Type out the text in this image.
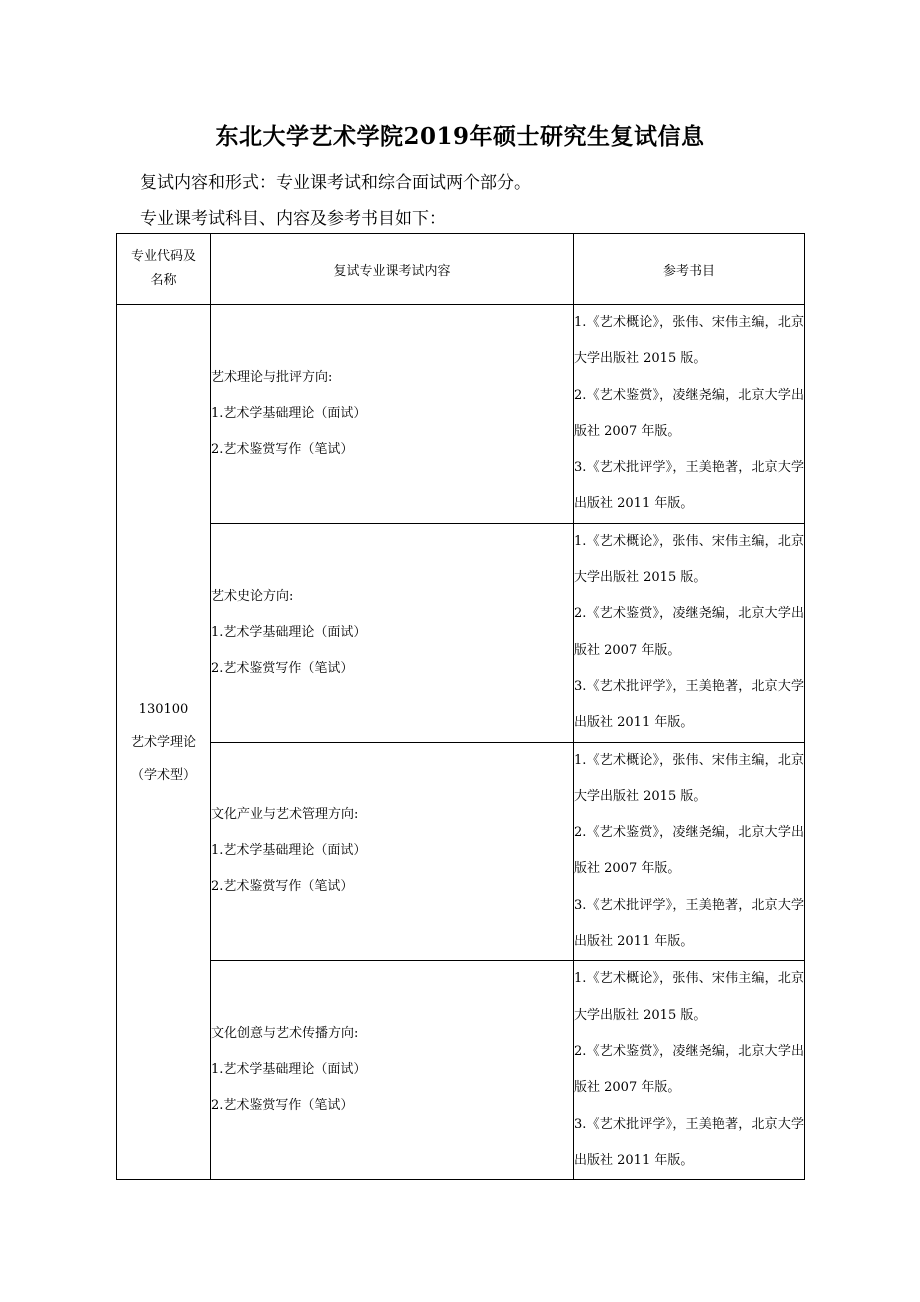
东北大学艺术学院2019年硕士研究生复试信息
复试内容和形式：专业课考试和综合面试两个部分。
专业课考试科目、内容及参考书目如下：
专业代码及
名称	复试专业课考试内容	参考书目

130100
艺术学理论
（学术型）	艺术理论与批评方向:
1.艺术学基础理论（面试）
2.艺术鉴赏写作（笔试）	1.《艺术概论》，张伟、宋伟主编，北京大学出版社 2015 版。
2.《艺术鉴赏》，凌继尧编，北京大学出版社 2007 年版。
3.《艺术批评学》，王美艳著，北京大学出版社 2011 年版。

	艺术史论方向:
1.艺术学基础理论（面试）
2.艺术鉴赏写作（笔试）	1.《艺术概论》，张伟、宋伟主编，北京大学出版社 2015 版。
2.《艺术鉴赏》，凌继尧编，北京大学出版社 2007 年版。
3.《艺术批评学》，王美艳著，北京大学出版社 2011 年版。

	文化产业与艺术管理方向:
1.艺术学基础理论（面试）
2.艺术鉴赏写作（笔试）	1.《艺术概论》，张伟、宋伟主编，北京大学出版社 2015 版。
2.《艺术鉴赏》，凌继尧编，北京大学出版社 2007 年版。
3.《艺术批评学》，王美艳著，北京大学出版社 2011 年版。

	文化创意与艺术传播方向:
1.艺术学基础理论（面试）
2.艺术鉴赏写作（笔试）	1.《艺术概论》，张伟、宋伟主编，北京大学出版社 2015 版。
2.《艺术鉴赏》，凌继尧编，北京大学出版社 2007 年版。
3.《艺术批评学》，王美艳著，北京大学出版社 2011 年版。
